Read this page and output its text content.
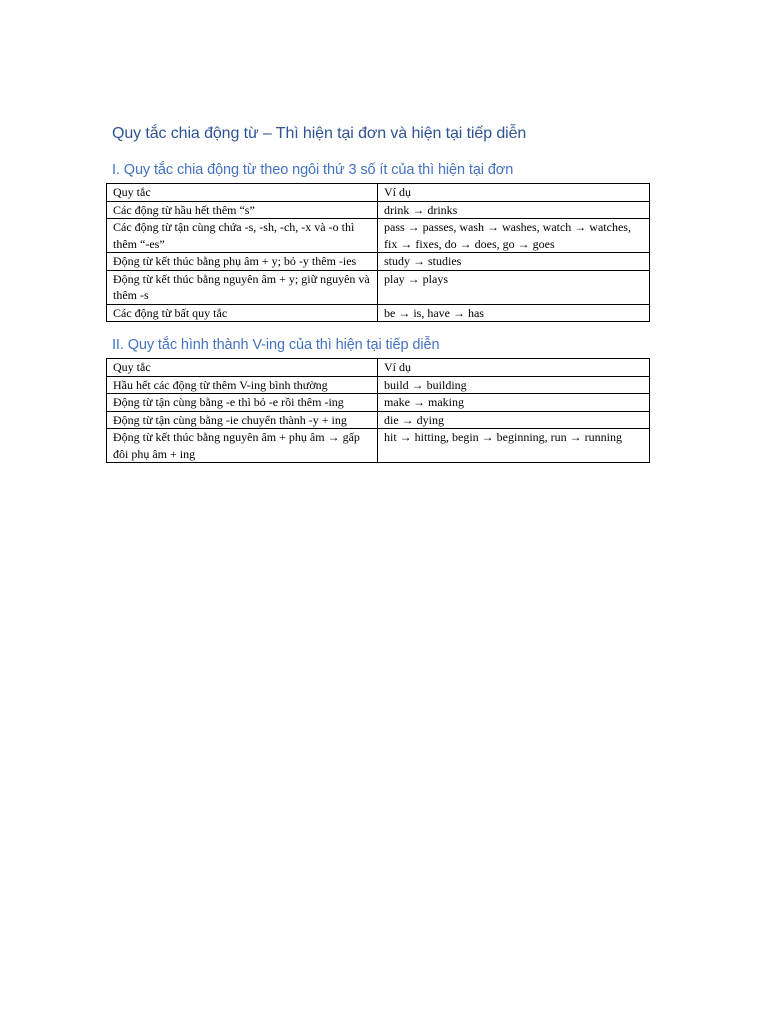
Quy tắc chia động từ – Thì hiện tại đơn và hiện tại tiếp diễn
I. Quy tắc chia động từ theo ngôi thứ 3 số ít của thì hiện tại đơn
Quy tắc	Ví dụ
Các động từ hầu hết thêm “s”	drink → drinks
Các động từ tận cùng chứa -s, -sh, -ch, -x và -o thì thêm “-es”	pass → passes, wash → washes, watch → watches, fix → fixes, do → does, go → goes
Động từ kết thúc bằng phụ âm + y; bỏ -y thêm -ies	study → studies
Động từ kết thúc bằng nguyên âm + y; giữ nguyên và thêm -s	play → plays
Các động từ bất quy tắc	be → is, have → has
II. Quy tắc hình thành V-ing của thì hiện tại tiếp diễn
Quy tắc	Ví dụ
Hầu hết các động từ thêm V-ing bình thường	build → building
Động từ tận cùng bằng -e thì bỏ -e rồi thêm -ing	make → making
Động từ tận cùng bằng -ie chuyển thành -y + ing	die → dying
Động từ kết thúc bằng nguyên âm + phụ âm → gấp đôi phụ âm + ing	hit → hitting, begin → beginning, run → running
